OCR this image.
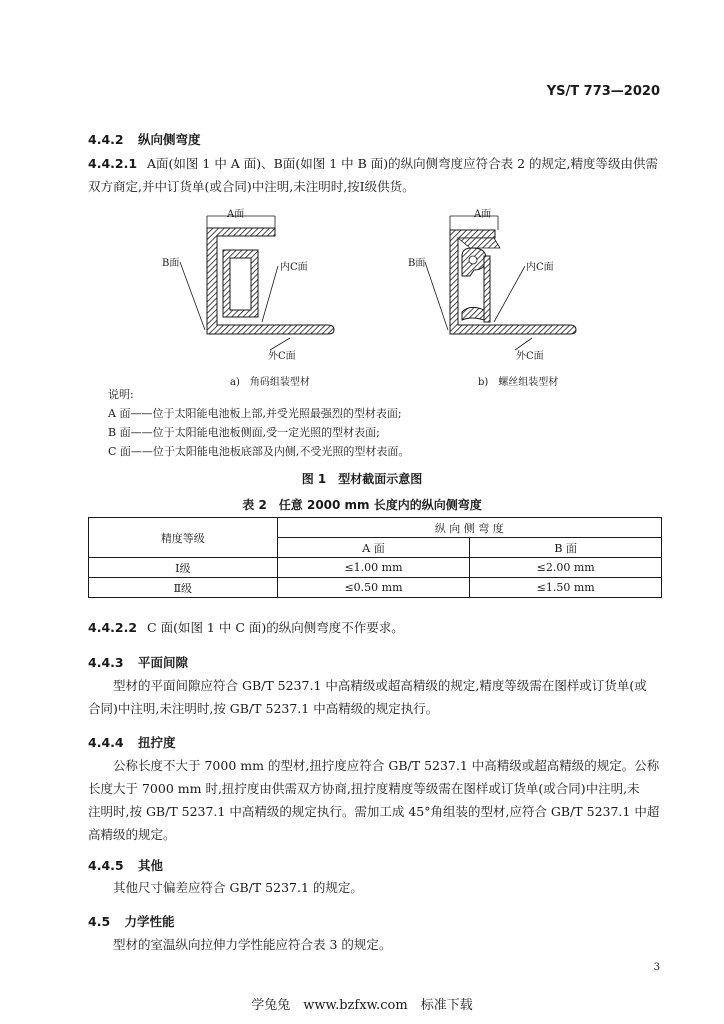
YS/T 773—2020
4.4.2 纵向侧弯度
4.4.2.1 A面(如图 1 中 A 面)、B面(如图 1 中 B 面)的纵向侧弯度应符合表 2 的规定,精度等级由供需
双方商定,并中订货单(或合同)中注明,未注明时,按Ⅰ级供货。
A面
B面	内C面
外C面
a)　角码组装型材
A面
B面	内C面
外C面
b)　螺丝组装型材
说明:
A 面——位于太阳能电池板上部,并受光照最强烈的型材表面;
B 面——位于太阳能电池板侧面,受一定光照的型材表面;
C 面——位于太阳能电池板底部及内侧,不受光照的型材表面。
图 1　型材截面示意图
表 2　任意 2000 mm 长度内的纵向侧弯度
精度等级	纵 向 侧 弯 度	
	A 面	B 面
Ⅰ级	≤1.00 mm	≤2.00 mm
Ⅱ级	≤0.50 mm	≤1.50 mm
4.4.2.2 C 面(如图 1 中 C 面)的纵向侧弯度不作要求。
4.4.3 平面间隙
型材的平面间隙应符合 GB/T 5237.1 中高精级或超高精级的规定,精度等级需在图样或订货单(或
合同)中注明,未注明时,按 GB/T 5237.1 中高精级的规定执行。
4.4.4 扭拧度
公称长度不大于 7000 mm 的型材,扭拧度应符合 GB/T 5237.1 中高精级或超高精级的规定。公称
长度大于 7000 mm 时,扭拧度由供需双方协商,扭拧度精度等级需在图样或订货单(或合同)中注明,未
注明时,按 GB/T 5237.1 中高精级的规定执行。需加工成 45°角组装的型材,应符合 GB/T 5237.1 中超
高精级的规定。
4.4.5 其他
其他尺寸偏差应符合 GB/T 5237.1 的规定。
4.5 力学性能
型材的室温纵向拉伸力学性能应符合表 3 的规定。
3
学兔兔　www.bzfxw.com　标准下载
